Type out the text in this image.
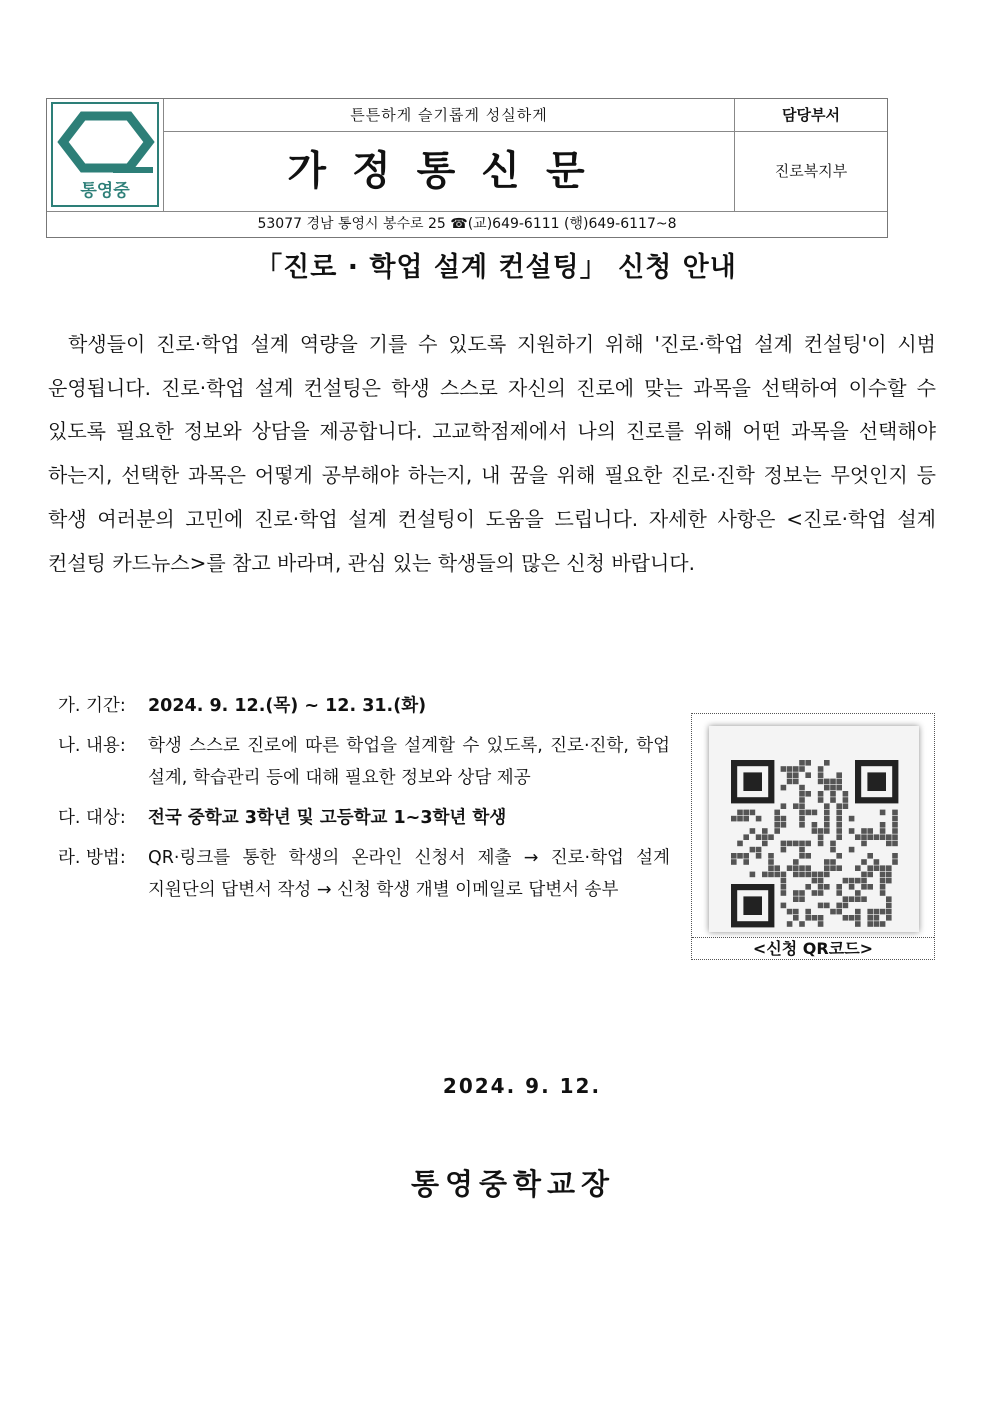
통영중
튼튼하게 슬기롭게 성실하게
가정통신문
담당부서
진로복지부
53077 경남 통영시 봉수로 25 ☎(교)649-6111 (행)649-6117~8
「진로 · 학업 설계 컨설팅」 신청 안내
학생들이 진로·학업 설계 역량을 기를 수 있도록 지원하기 위해 '진로·학업 설계 컨설팅'이 시범 운영됩니다. 진로·학업 설계 컨설팅은 학생 스스로 자신의 진로에 맞는 과목을 선택하여 이수할 수 있도록 필요한 정보와 상담을 제공합니다. 고교학점제에서 나의 진로를 위해 어떤 과목을 선택해야 하는지, 선택한 과목은 어떻게 공부해야 하는지, 내 꿈을 위해 필요한 진로·진학 정보는 무엇인지 등 학생 여러분의 고민에 진로·학업 설계 컨설팅이 도움을 드립니다. 자세한 사항은 <진로·학업 설계 컨설팅 카드뉴스>를 참고 바라며, 관심 있는 학생들의 많은 신청 바랍니다.
가. 기간:	2024. 9. 12.(목) ~ 12. 31.(화)
나. 내용:	학생 스스로 진로에 따른 학업을 설계할 수 있도록, 진로·진학, 학업 설계, 학습관리 등에 대해 필요한 정보와 상담 제공
다. 대상:	전국 중학교 3학년 및 고등학교 1~3학년 학생
라. 방법:	QR·링크를 통한 학생의 온라인 신청서 제출 → 진로·학업 설계 지원단의 답변서 작성 → 신청 학생 개별 이메일로 답변서 송부
<신청 QR코드>
2024. 9. 12.
통영중학교장
